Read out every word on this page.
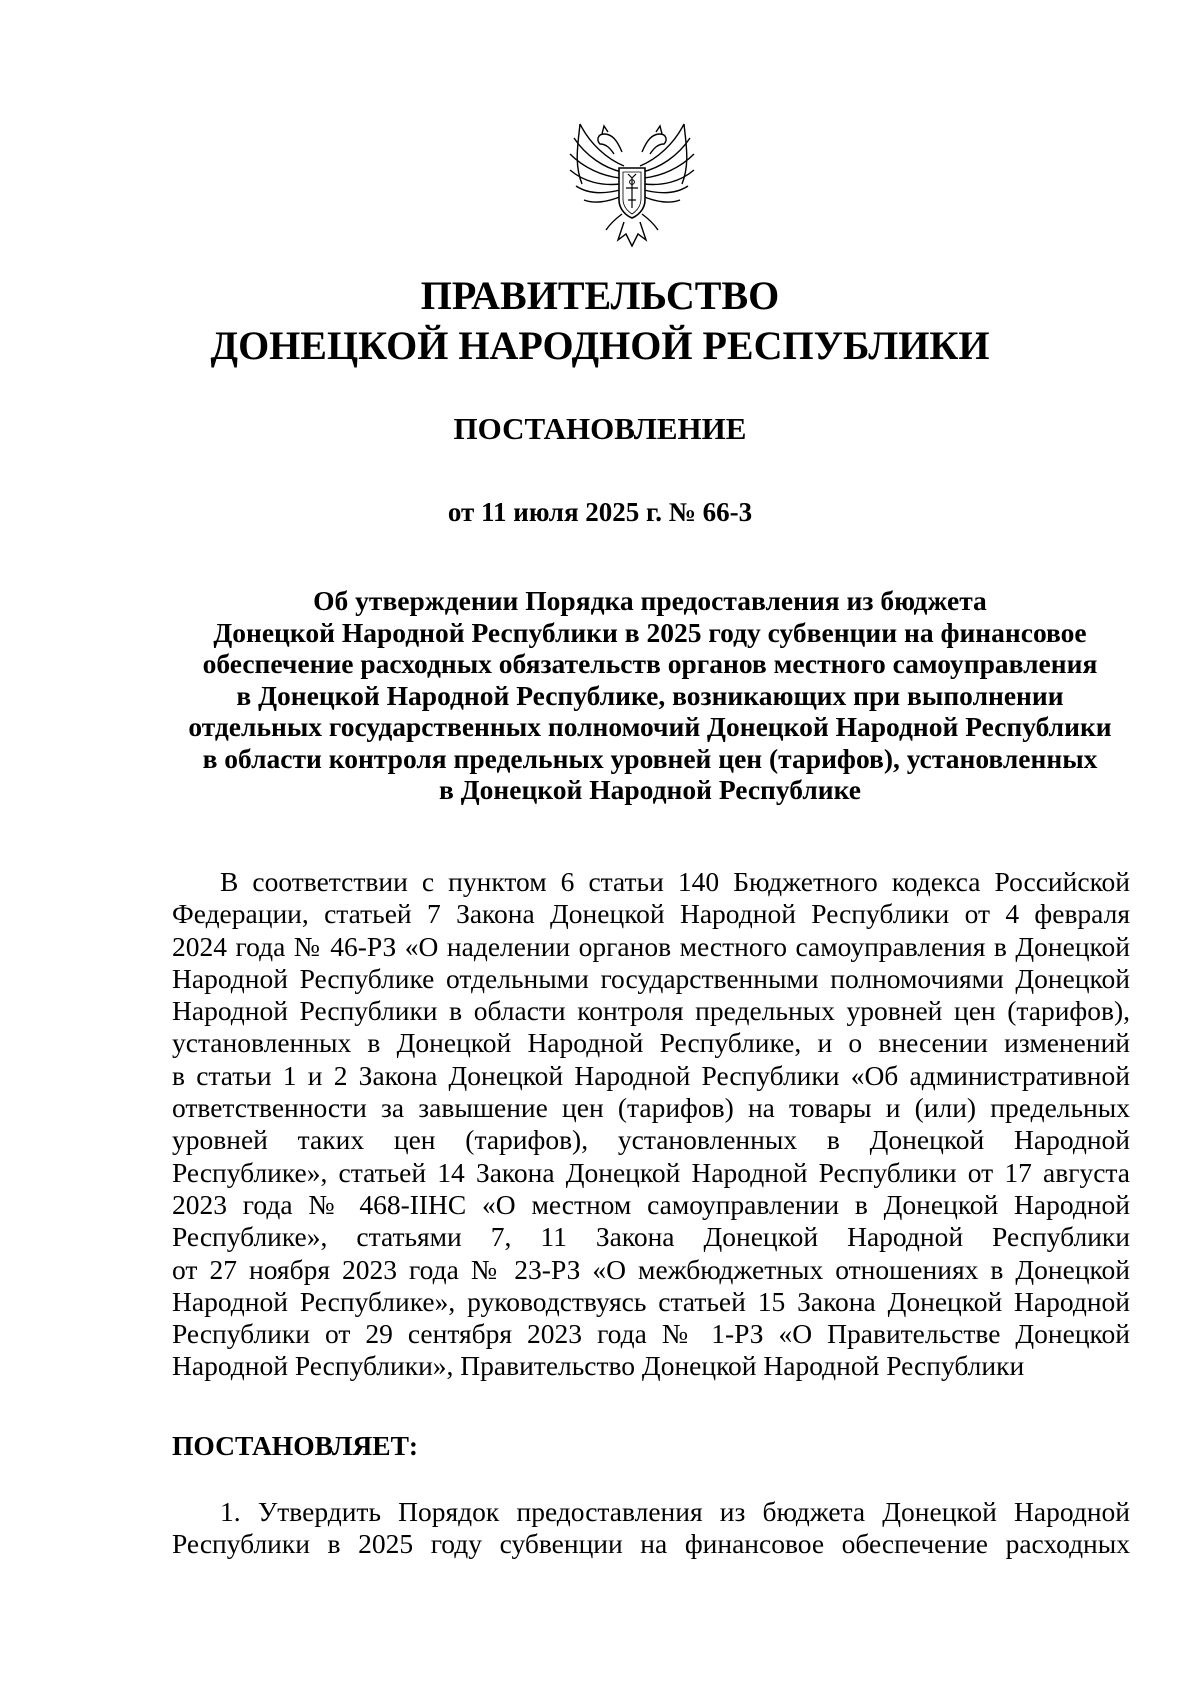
ПРАВИТЕЛЬСТВО
ДОНЕЦКОЙ НАРОДНОЙ РЕСПУБЛИКИ
ПОСТАНОВЛЕНИЕ

от 11 июля 2025 г. № 66-3

Об утверждении Порядка предоставления из бюджета
Донецкой Народной Республики в 2025 году субвенции на финансовое
обеспечение расходных обязательств органов местного самоуправления
в Донецкой Народной Республике, возникающих при выполнении
отдельных государственных полномочий Донецкой Народной Республики
в области контроля предельных уровней цен (тарифов), установленных
в Донецкой Народной Республике
В соответствии с пунктом 6 статьи 140 Бюджетного кодекса Российской
Федерации, статьей 7 Закона Донецкой Народной Республики от 4 февраля
2024 года № 46-РЗ «О наделении органов местного самоуправления в Донецкой
Народной Республике отдельными государственными полномочиями Донецкой
Народной Республики в области контроля предельных уровней цен (тарифов),
установленных в Донецкой Народной Республике, и о внесении изменений
в статьи 1 и 2 Закона Донецкой Народной Республики «Об административной
ответственности за завышение цен (тарифов) на товары и (или) предельных
уровней таких цен (тарифов), установленных в Донецкой Народной
Республике», статьей 14 Закона Донецкой Народной Республики от 17 августа
2023 года № 468-IIНС «О местном самоуправлении в Донецкой Народной
Республике», статьями 7, 11 Закона Донецкой Народной Республики
от 27 ноября 2023 года № 23-РЗ «О межбюджетных отношениях в Донецкой
Народной Республике», руководствуясь статьей 15 Закона Донецкой Народной
Республики от 29 сентября 2023 года № 1-РЗ «О Правительстве Донецкой
Народной Республики», Правительство Донецкой Народной Республики

ПОСТАНОВЛЯЕТ:

1. Утвердить Порядок предоставления из бюджета Донецкой Народной
Республики в 2025 году субвенции на финансовое обеспечение расходных
